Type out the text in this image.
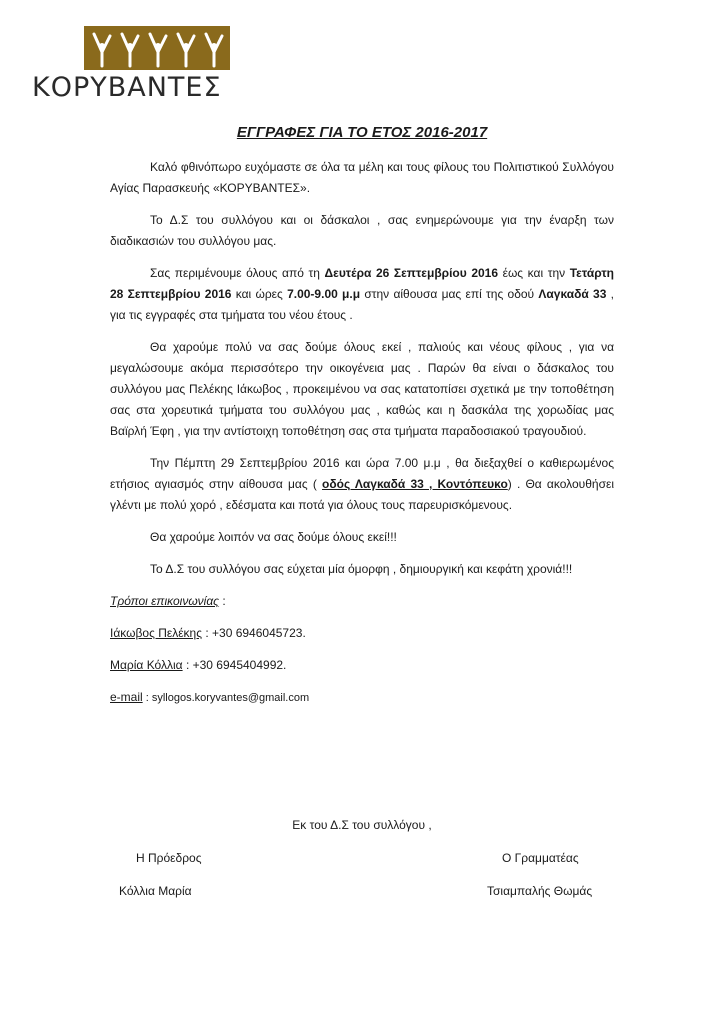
ΚΟΡΥΒΑΝΤΕΣ
ΕΓΓΡΑΦΕΣ ΓΙΑ ΤΟ ΕΤΟΣ 2016-2017

Καλό φθινόπωρο ευχόμαστε σε όλα τα μέλη και τους φίλους του Πολιτιστικού Συλλόγου Αγίας Παρασκευής «ΚΟΡΥΒΑΝΤΕΣ».

Το Δ.Σ του συλλόγου και οι δάσκαλοι , σας ενημερώνουμε για την έναρξη των διαδικασιών του συλλόγου μας.

Σας περιμένουμε όλους από τη Δευτέρα 26 Σεπτεμβρίου 2016 έως και την Τετάρτη 28 Σεπτεμβρίου 2016 και ώρες 7.00-9.00 μ.μ στην αίθουσα μας επί της οδού Λαγκαδά 33 , για τις εγγραφές στα τμήματα του νέου έτους .

Θα χαρούμε πολύ να σας δούμε όλους εκεί , παλιούς και νέους φίλους , για να μεγαλώσουμε ακόμα περισσότερο την οικογένεια μας . Παρών θα είναι ο δάσκαλος του συλλόγου μας Πελέκης Ιάκωβος , προκειμένου να σας κατατοπίσει σχετικά με την τοποθέτηση σας στα χορευτικά τμήματα του συλλόγου μας , καθώς και η δασκάλα της χορωδίας μας Βαϊρλή Έφη , για την αντίστοιχη τοποθέτηση σας στα τμήματα παραδοσιακού τραγουδιού.

Την Πέμπτη 29 Σεπτεμβρίου 2016 και ώρα 7.00 μ.μ , θα διεξαχθεί ο καθιερωμένος ετήσιος αγιασμός στην αίθουσα μας ( οδός Λαγκαδά 33 , Κοντόπευκο) . Θα ακολουθήσει γλέντι με πολύ χορό , εδέσματα και ποτά για όλους τους παρευρισκόμενους.

Θα χαρούμε λοιπόν να σας δούμε όλους εκεί!!!

Το Δ.Σ του συλλόγου σας εύχεται μία όμορφη , δημιουργική και κεφάτη χρονιά!!!

Τρόποι επικοινωνίας :
Ιάκωβος Πελέκης : +30 6946045723.
Μαρία Κόλλια : +30 6945404992.
e-mail : syllogos.koryvantes@gmail.com
Εκ του Δ.Σ του συλλόγου ,
Η Πρόεδρος
Κόλλια Μαρία
Ο Γραμματέας
Τσιαμπαλής Θωμάς
